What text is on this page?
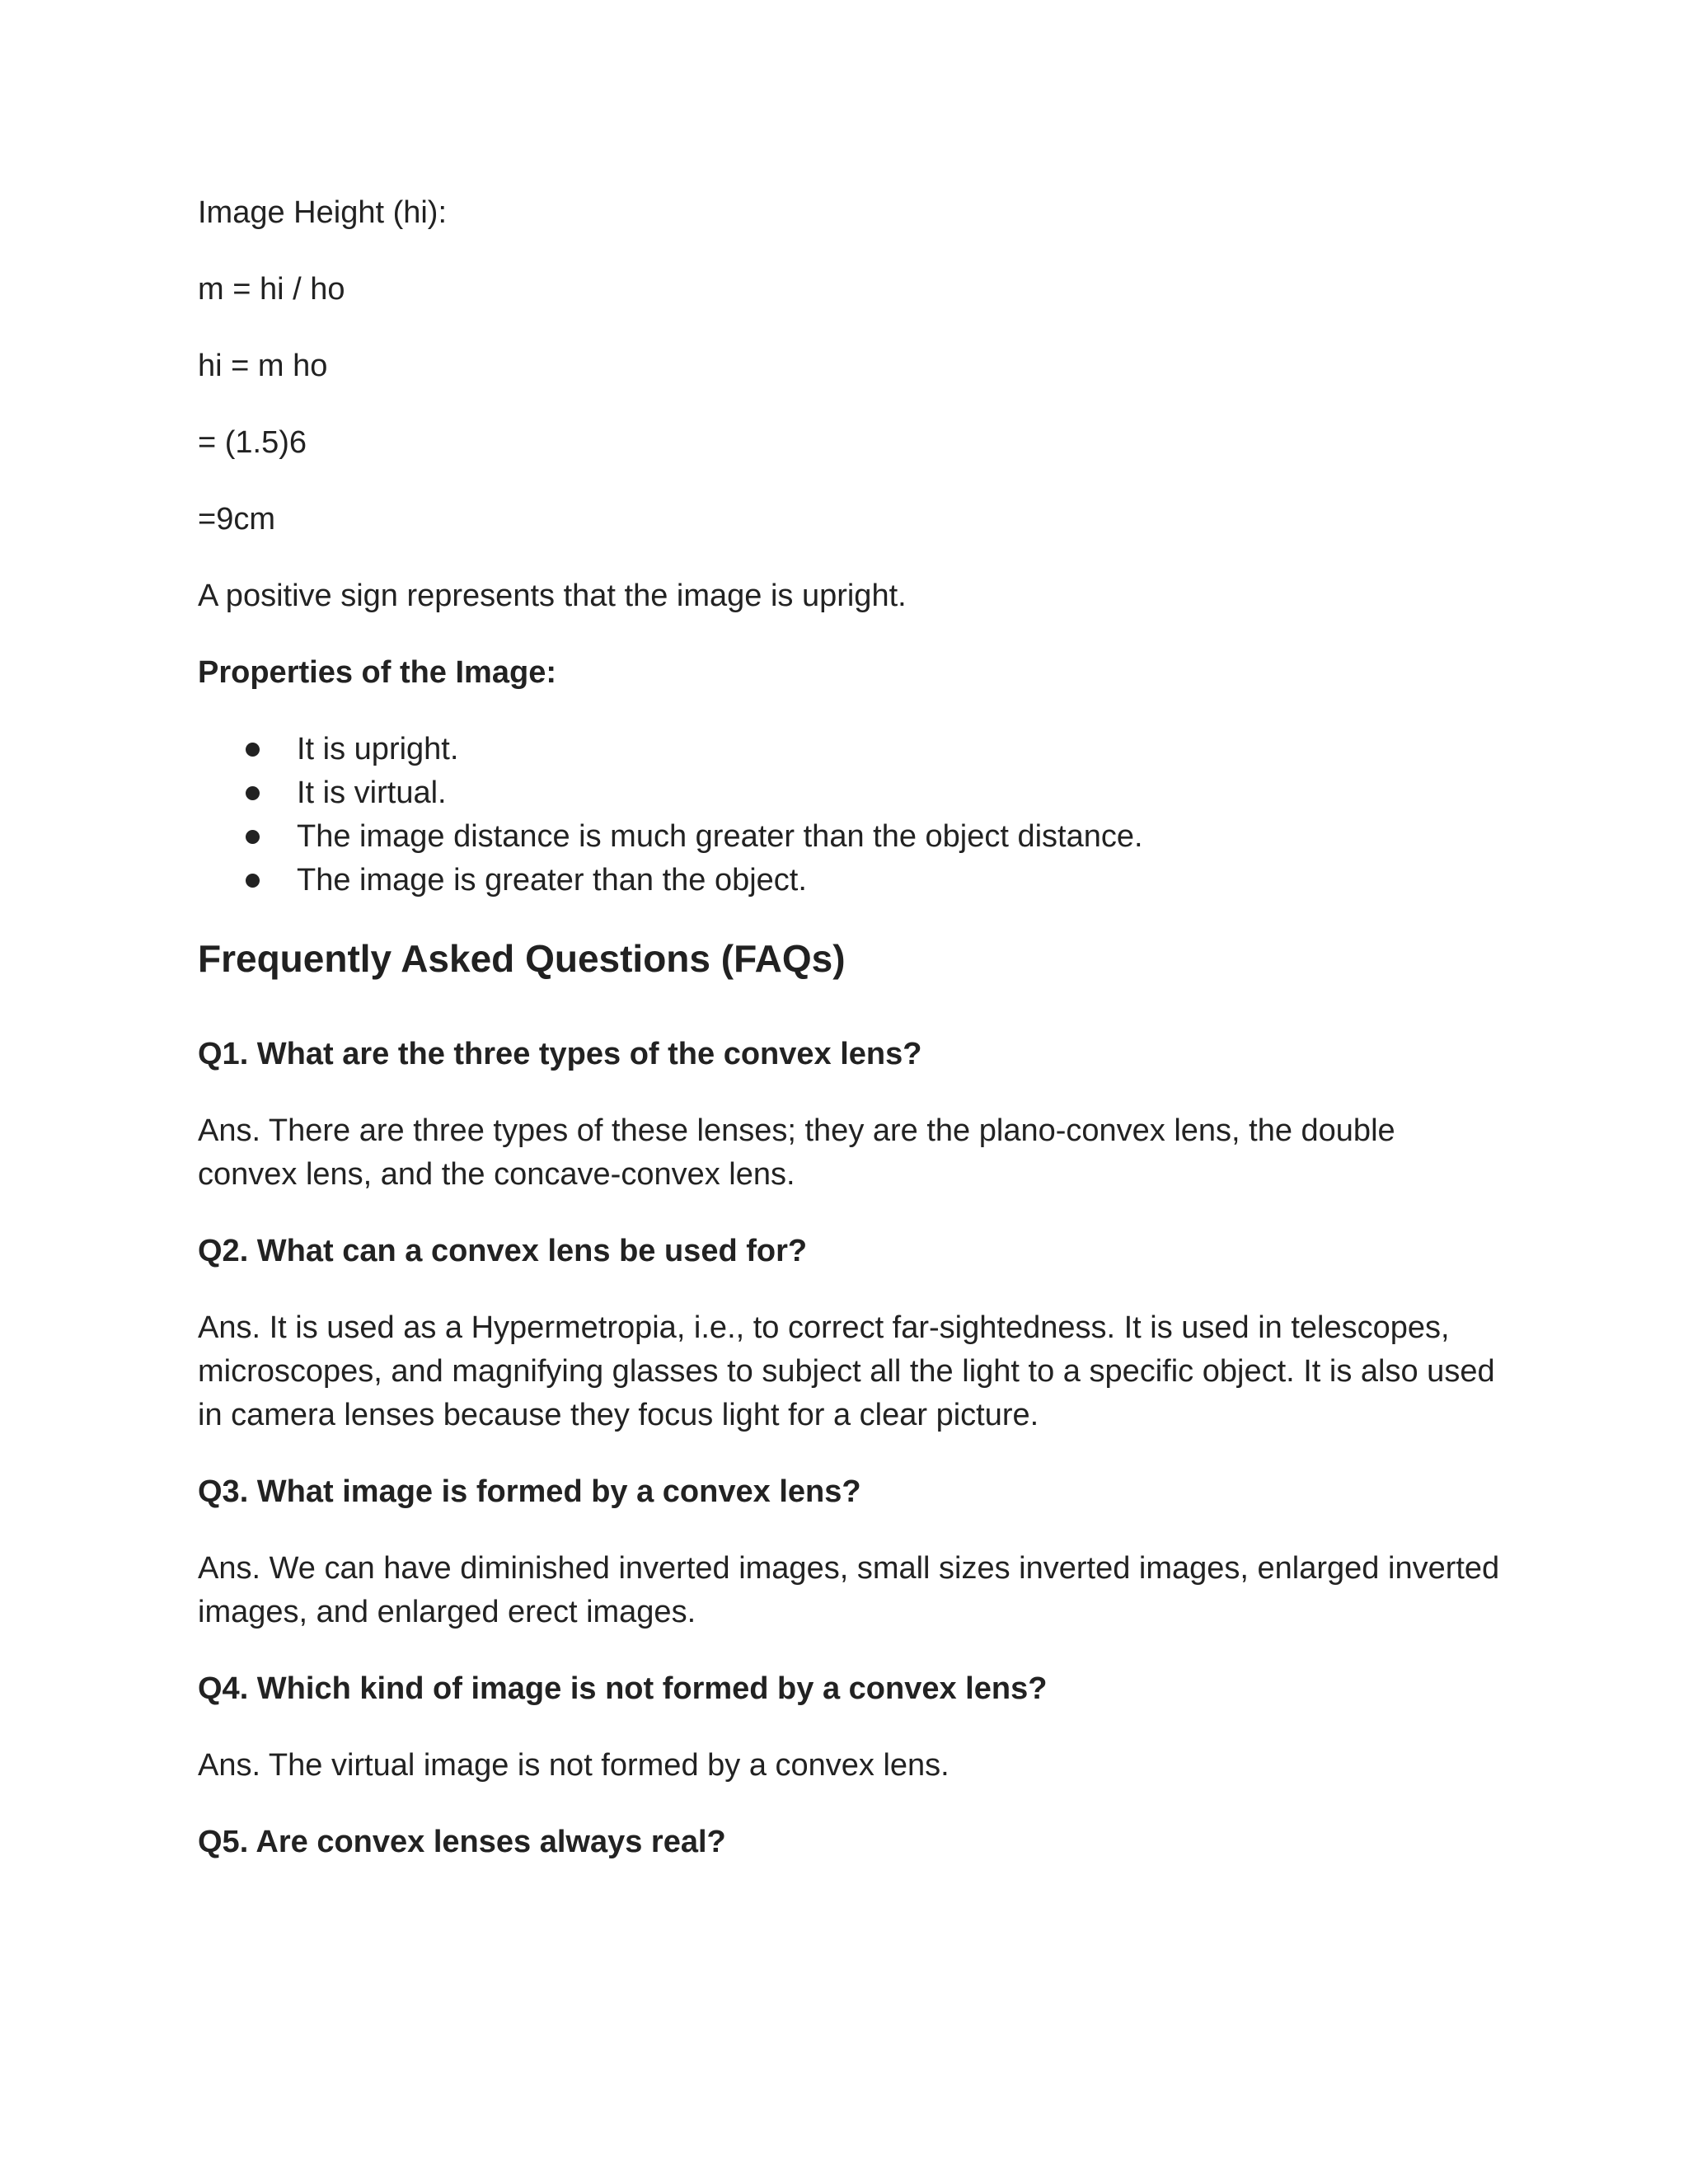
Image Height (hi):

m = hi / ho

hi = m ho

= (1.5)6

=9cm

A positive sign represents that the image is upright.

Properties of the Image:

It is upright.
It is virtual.
The image distance is much greater than the object distance.
The image is greater than the object.
Frequently Asked Questions (FAQs)

Q1. What are the three types of the convex lens?

Ans. There are three types of these lenses; they are the plano-convex lens, the double convex lens, and the concave-convex lens.

Q2. What can a convex lens be used for?

Ans. It is used as a Hypermetropia, i.e., to correct far-sightedness. It is used in telescopes, microscopes, and magnifying glasses to subject all the light to a specific object. It is also used in camera lenses because they focus light for a clear picture.

Q3. What image is formed by a convex lens?

Ans. We can have diminished inverted images, small sizes inverted images, enlarged inverted images, and enlarged erect images.

Q4. Which kind of image is not formed by a convex lens?

Ans. The virtual image is not formed by a convex lens.

Q5. Are convex lenses always real?
